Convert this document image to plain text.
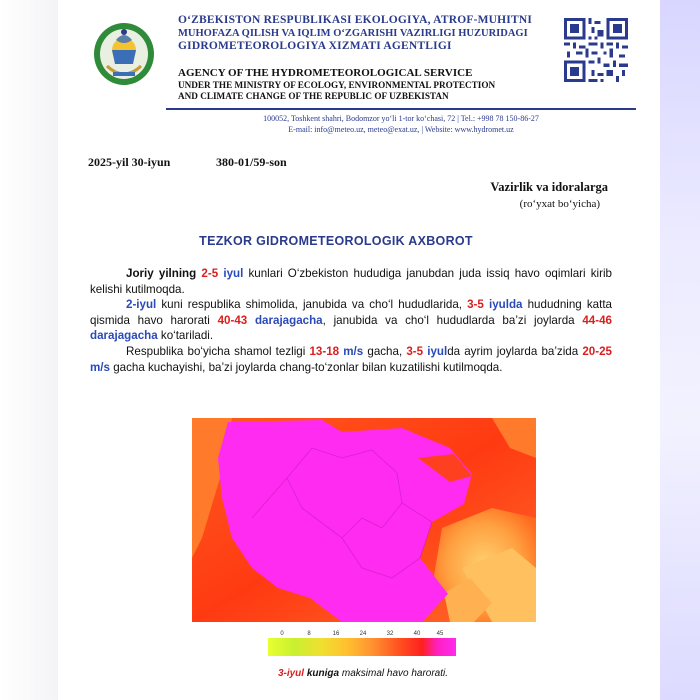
O‘ZBEKISTON RESPUBLIKASI EKOLOGIYA, ATROF-MUHITNI
MUHOFAZA QILISH VA IQLIM O‘ZGARISHI VAZIRLIGI HUZURIDAGI
GIDROMETEOROLOGIYA XIZMATI AGENTLIGI
AGENCY OF THE HYDROMETEOROLOGICAL SERVICE
UNDER THE MINISTRY OF ECOLOGY, ENVIRONMENTAL PROTECTION
AND CLIMATE CHANGE OF THE REPUBLIC OF UZBEKISTAN
100052, Toshkent shahri, Bodomzor yo‘li 1-tor ko‘chasi, 72 | Tel.: +998 78 150-86-27
E-mail: info@meteo.uz, meteo@exat.uz, | Website: www.hydromet.uz
2025-yil 30-iyun	380-01/59-son
Vazirlik va idoralarga
(ro‘yxat bo‘yicha)
TEZKOR GIDROMETEOROLOGIK AXBOROT

Joriy yilning 2-5 iyul kunlari O‘zbekiston hududiga janubdan juda issiq havo oqimlari kirib kelishi kutilmoqda.

2-iyul kuni respublika shimolida, janubida va cho‘l hududlarida, 3-5 iyulda hududning katta qismida havo harorati 40-43 darajagacha, janubida va cho‘l hududlarda ba’zi joylarda 44-46 darajagacha ko‘tariladi.

Respublika bo‘yicha shamol tezligi 13-18 m/s gacha, 3-5 iyulda ayrim joylarda ba’zida 20-25 m/s gacha kuchayishi, ba’zi joylarda chang-to‘zonlar bilan kuzatilishi kutilmoqda.

0	8	16	24	32	40	45
3-iyul kuniga maksimal havo harorati.
